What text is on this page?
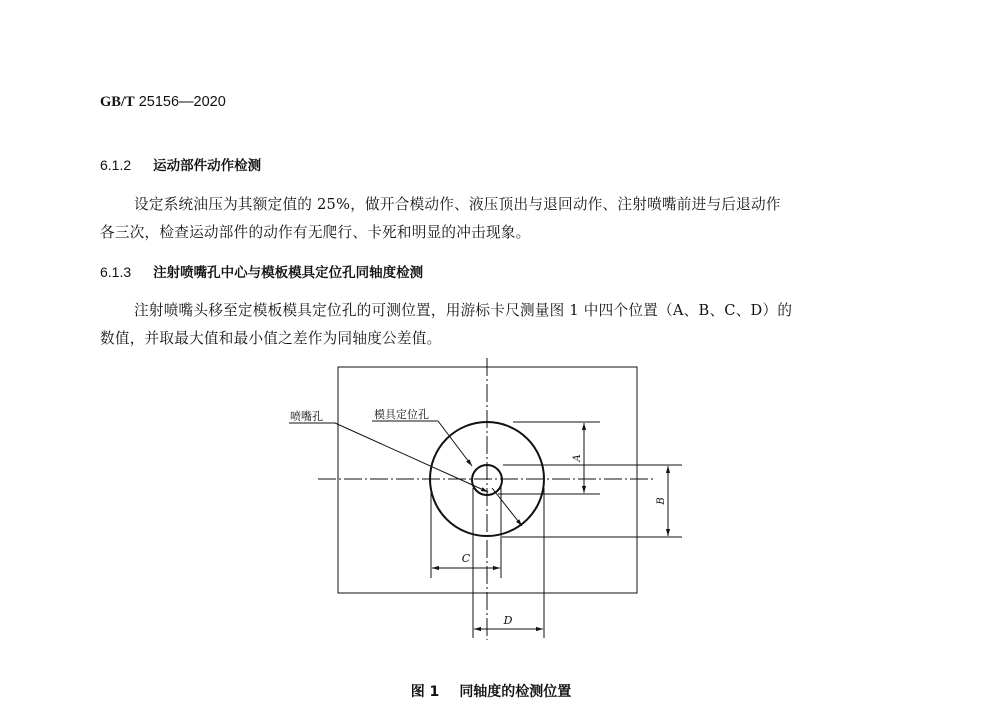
GB/T 25156—2020
6.1.2 运动部件动作检测
设定系统油压为其额定值的 25%，做开合模动作、液压顶出与退回动作、注射喷嘴前进与后退动作
各三次，检查运动部件的动作有无爬行、卡死和明显的冲击现象。
6.1.3 注射喷嘴孔中心与模板模具定位孔同轴度检测
注射喷嘴头移至定模板模具定位孔的可测位置，用游标卡尺测量图 1 中四个位置（A、B、C、D）的
数值，并取最大值和最小值之差作为同轴度公差值。
喷嘴孔	模具定位孔
A
B
C
D
图 1 同轴度的检测位置
